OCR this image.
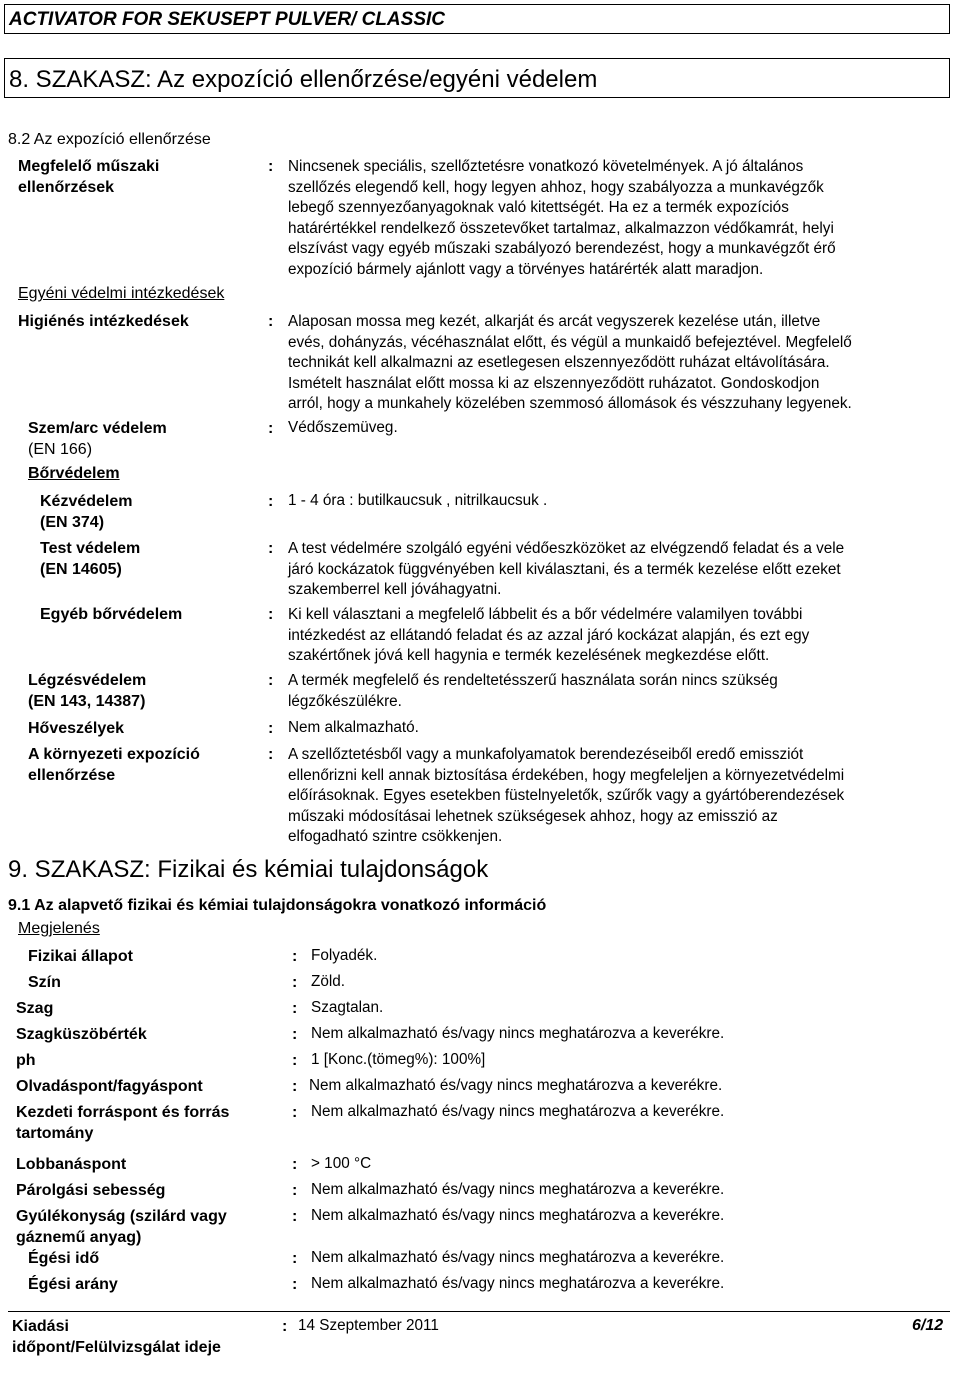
ACTIVATOR FOR SEKUSEPT PULVER/ CLASSIC
8. SZAKASZ: Az expozíció ellenőrzése/egyéni védelem
8.2 Az expozíció ellenőrzése
Megfelelő műszaki
ellenőrzések
: Nincsenek speciális, szellőztetésre vonatkozó követelmények. A jó általános
szellőzés elegendő kell, hogy legyen ahhoz, hogy szabályozza a munkavégzők
lebegő szennyezőanyagoknak való kitettségét. Ha ez a termék expozíciós
határértékkel rendelkező összetevőket tartalmaz, alkalmazzon védőkamrát, helyi
elszívást vagy egyéb műszaki szabályozó berendezést, hogy a munkavégzőt érő
expozíció bármely ajánlott vagy a törvényes határérték alatt maradjon.
Egyéni védelmi intézkedések
Higiénés intézkedések	: Alaposan mossa meg kezét, alkarját és arcát vegyszerek kezelése után, illetve
evés, dohányzás, vécéhasználat előtt, és végül a munkaidő befejeztével. Megfelelő
technikát kell alkalmazni az esetlegesen elszennyeződött ruházat eltávolítására.
Ismételt használat előtt mossa ki az elszennyeződött ruházatot. Gondoskodjon
arról, hogy a munkahely közelében szemmosó állomások és vészzuhany legyenek.
Szem/arc védelem
(EN 166)
: Védőszemüveg.
Bőrvédelem
Kézvédelem
(EN 374)
: 1 - 4 óra : butilkaucsuk , nitrilkaucsuk .
Test védelem
(EN 14605)
: A test védelmére szolgáló egyéni védőeszközöket az elvégzendő feladat és a vele
járó kockázatok függvényében kell kiválasztani, és a termék kezelése előtt ezeket
szakemberrel kell jóváhagyatni.
Egyéb bőrvédelem	: Ki kell választani a megfelelő lábbelit és a bőr védelmére valamilyen további
intézkedést az ellátandó feladat és az azzal járó kockázat alapján, és ezt egy
szakértőnek jóvá kell hagynia e termék kezelésének megkezdése előtt.
Légzésvédelem
(EN 143, 14387)
: A termék megfelelő és rendeltetésszerű használata során nincs szükség
légzőkészülékre.
Hőveszélyek	: Nem alkalmazható.
A környezeti expozíció
ellenőrzése
: A szellőztetésből vagy a munkafolyamatok berendezéseiből eredő emissziót
ellenőrizni kell annak biztosítása érdekében, hogy megfeleljen a környezetvédelmi
előírásoknak. Egyes esetekben füstelnyeletők, szűrők vagy a gyártóberendezések
műszaki módosításai lehetnek szükségesek ahhoz, hogy az emisszió az
elfogadható szintre csökkenjen.
9. SZAKASZ: Fizikai és kémiai tulajdonságok
9.1 Az alapvető fizikai és kémiai tulajdonságokra vonatkozó információ
Megjelenés
Fizikai állapot	: Folyadék.
Szín	: Zöld.
Szag	: Szagtalan.
Szagküszöbérték	: Nem alkalmazható és/vagy nincs meghatározva a keverékre.
ph	: 1 [Konc.(tömeg%): 100%]
Olvadáspont/fagyáspont	: Nem alkalmazható és/vagy nincs meghatározva a keverékre.
Kezdeti forráspont és forrás
tartomány
: Nem alkalmazható és/vagy nincs meghatározva a keverékre.
Lobbanáspont	: > 100 °C
Párolgási sebesség	: Nem alkalmazható és/vagy nincs meghatározva a keverékre.
Gyúlékonyság (szilárd vagy
gáznemű anyag)
: Nem alkalmazható és/vagy nincs meghatározva a keverékre.
Égési idő	: Nem alkalmazható és/vagy nincs meghatározva a keverékre.
Égési arány	: Nem alkalmazható és/vagy nincs meghatározva a keverékre.
Kiadási
időpont/Felülvizsgálat ideje
: 14 Szeptember 2011	6/12
